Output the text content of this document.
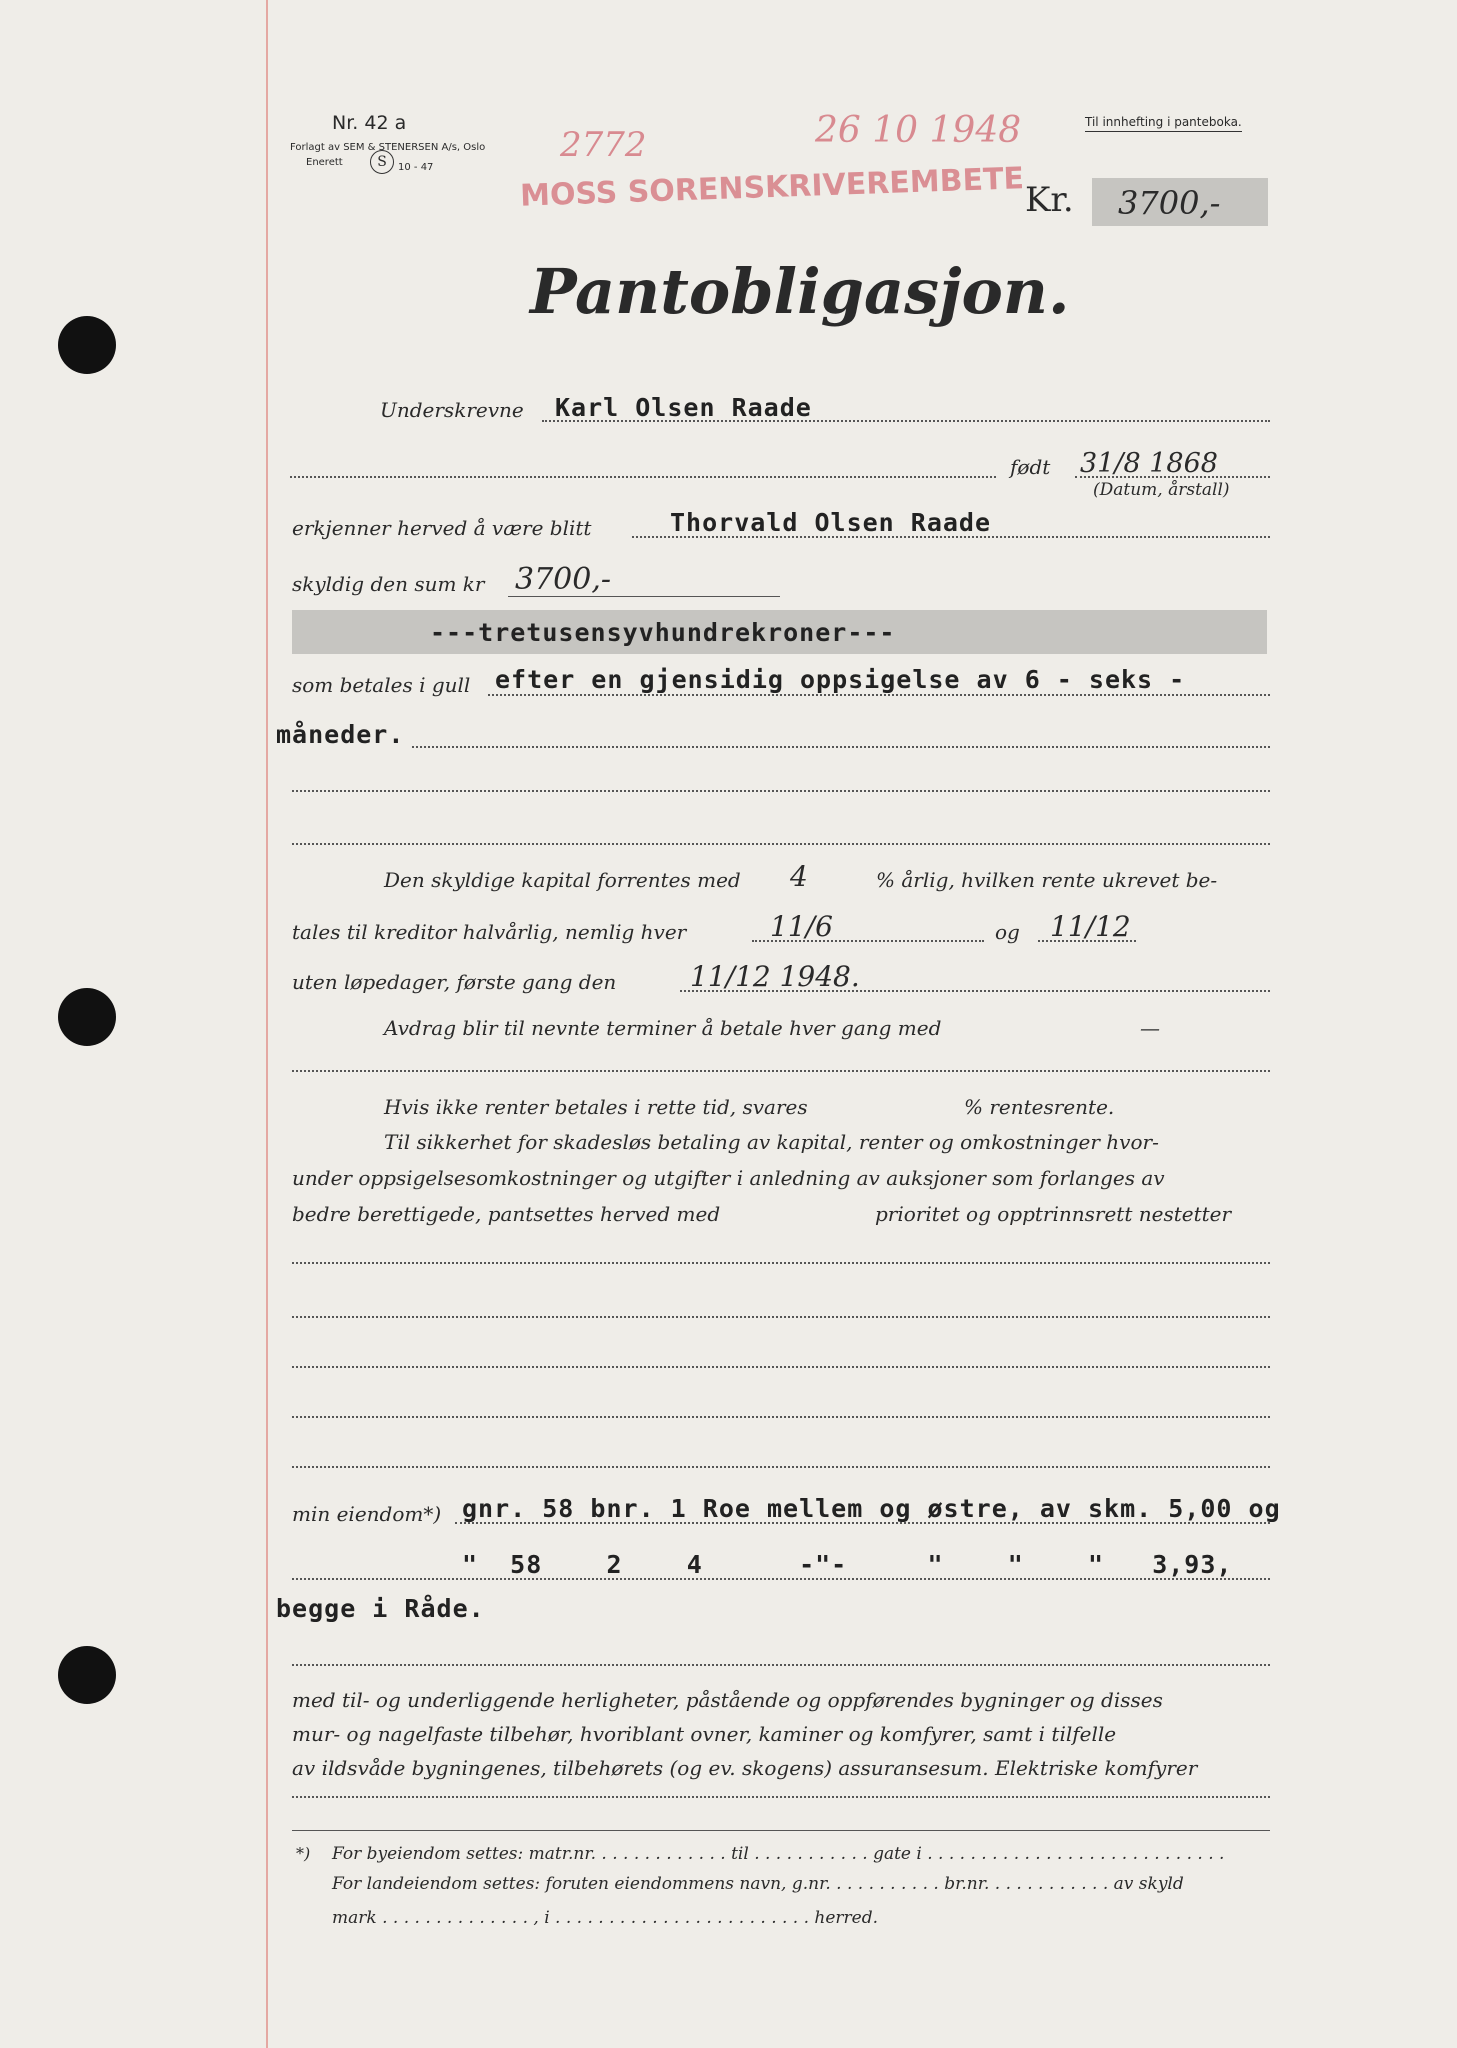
Nr. 42 a
Forlagt av SEM & STENERSEN A/s, Oslo
Enerett	S	10 - 47
Til innhefting i panteboka.
2772	26 10 1948
MOSS SORENSKRIVEREMBETE Kr. 3700,-
Pantobligasjon.
Underskrevne Karl Olsen Raade
født 31/8 1868
(Datum, årstall)
erkjenner herved å være blitt	Thorvald Olsen Raade
skyldig den sum kr 3700,-
---tretusensyvhundrekroner---
som betales i gull efter en gjensidig oppsigelse av 6 - seks -
måneder.
Den skyldige kapital forrentes med 4	% årlig, hvilken rente ukrevet be-
tales til kreditor halvårlig, nemlig hver	11/6	og 11/12
uten løpedager, første gang den	11/12 1948.
Avdrag blir til nevnte terminer å betale hver gang med	—
Hvis ikke renter betales i rette tid, svares	% rentesrente.
Til sikkerhet for skadesløs betaling av kapital, renter og omkostninger hvor-
under oppsigelsesomkostninger og utgifter i anledning av auksjoner som forlanges av
bedre berettigede, pantsettes herved med	prioritet og opptrinnsrett nestetter
min eiendom*) gnr. 58 bnr. 1 Roe mellem og østre, av skm. 5,00 og
"  58    2    4      -"-     "    "    "   3,93,
begge i Råde.
med til- og underliggende herligheter, påstående og oppførendes bygninger og disses
mur- og nagelfaste tilbehør, hvoriblant ovner, kaminer og komfyrer, samt i tilfelle
av ildsvåde bygningenes, tilbehørets (og ev. skogens) assuransesum. Elektriske komfyrer
*) For byeiendom settes: matr.nr. . . . . . . . . . . . . til . . . . . . . . . . . gate i . . . . . . . . . . . . . . . . . . . . . . . . . . . .
For landeiendom settes: foruten eiendommens navn, g.nr. . . . . . . . . . . br.nr. . . . . . . . . . . . av skyld
mark . . . . . . . . . . . . . . , i . . . . . . . . . . . . . . . . . . . . . . . . herred.
